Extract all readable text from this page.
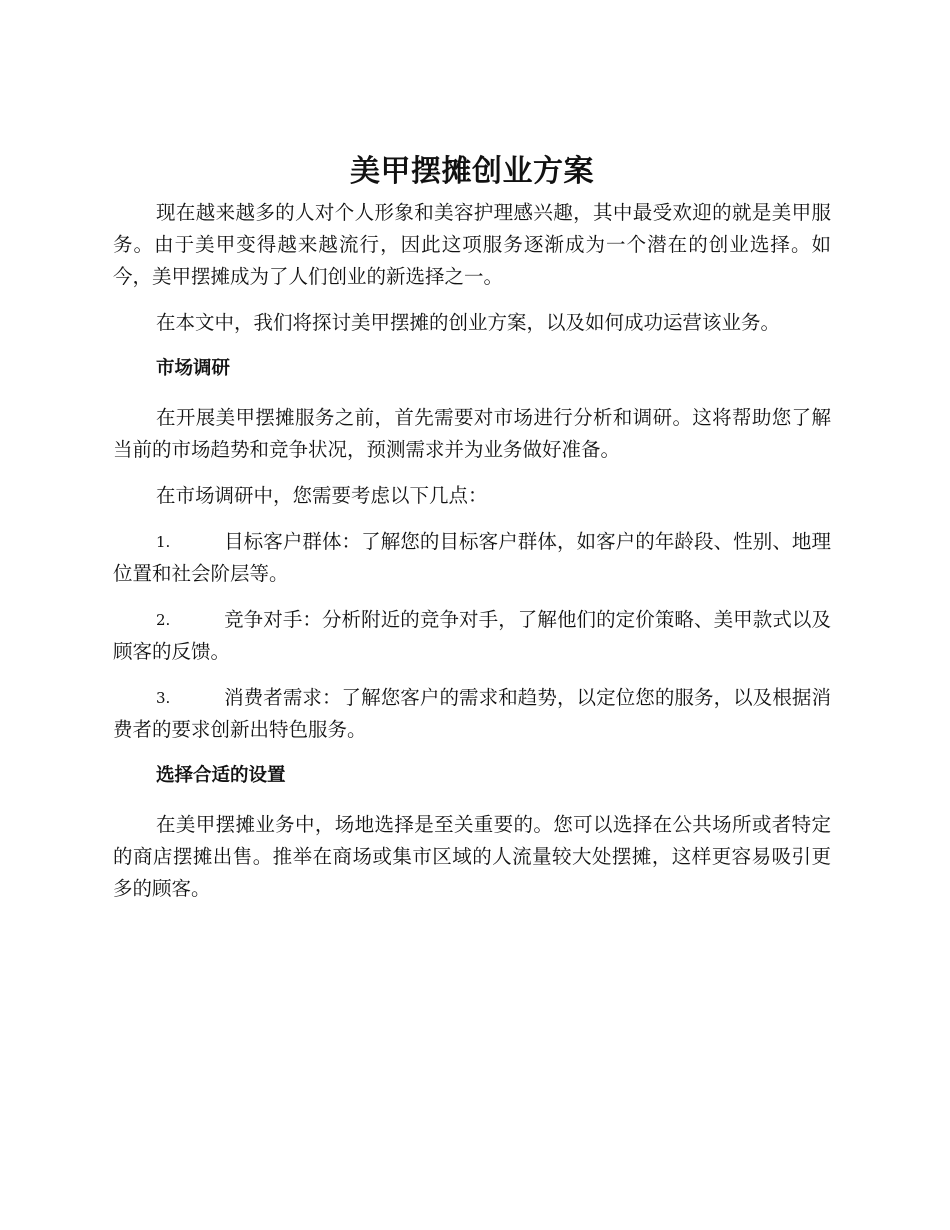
美甲摆摊创业方案

现在越来越多的人对个人形象和美容护理感兴趣，其中最受欢迎的就是美甲服务。由于美甲变得越来越流行，因此这项服务逐渐成为一个潜在的创业选择。如今，美甲摆摊成为了人们创业的新选择之一。

在本文中，我们将探讨美甲摆摊的创业方案，以及如何成功运营该业务。

市场调研

在开展美甲摆摊服务之前，首先需要对市场进行分析和调研。这将帮助您了解当前的市场趋势和竞争状况，预测需求并为业务做好准备。

在市场调研中，您需要考虑以下几点：

1.	目标客户群体：了解您的目标客户群体，如客户的年龄段、性别、地理位置和社会阶层等。

2.	竞争对手：分析附近的竞争对手，了解他们的定价策略、美甲款式以及顾客的反馈。

3.	消费者需求：了解您客户的需求和趋势，以定位您的服务，以及根据消费者的要求创新出特色服务。

选择合适的设置

在美甲摆摊业务中，场地选择是至关重要的。您可以选择在公共场所或者特定的商店摆摊出售。推举在商场或集市区域的人流量较大处摆摊，这样更容易吸引更多的顾客。
